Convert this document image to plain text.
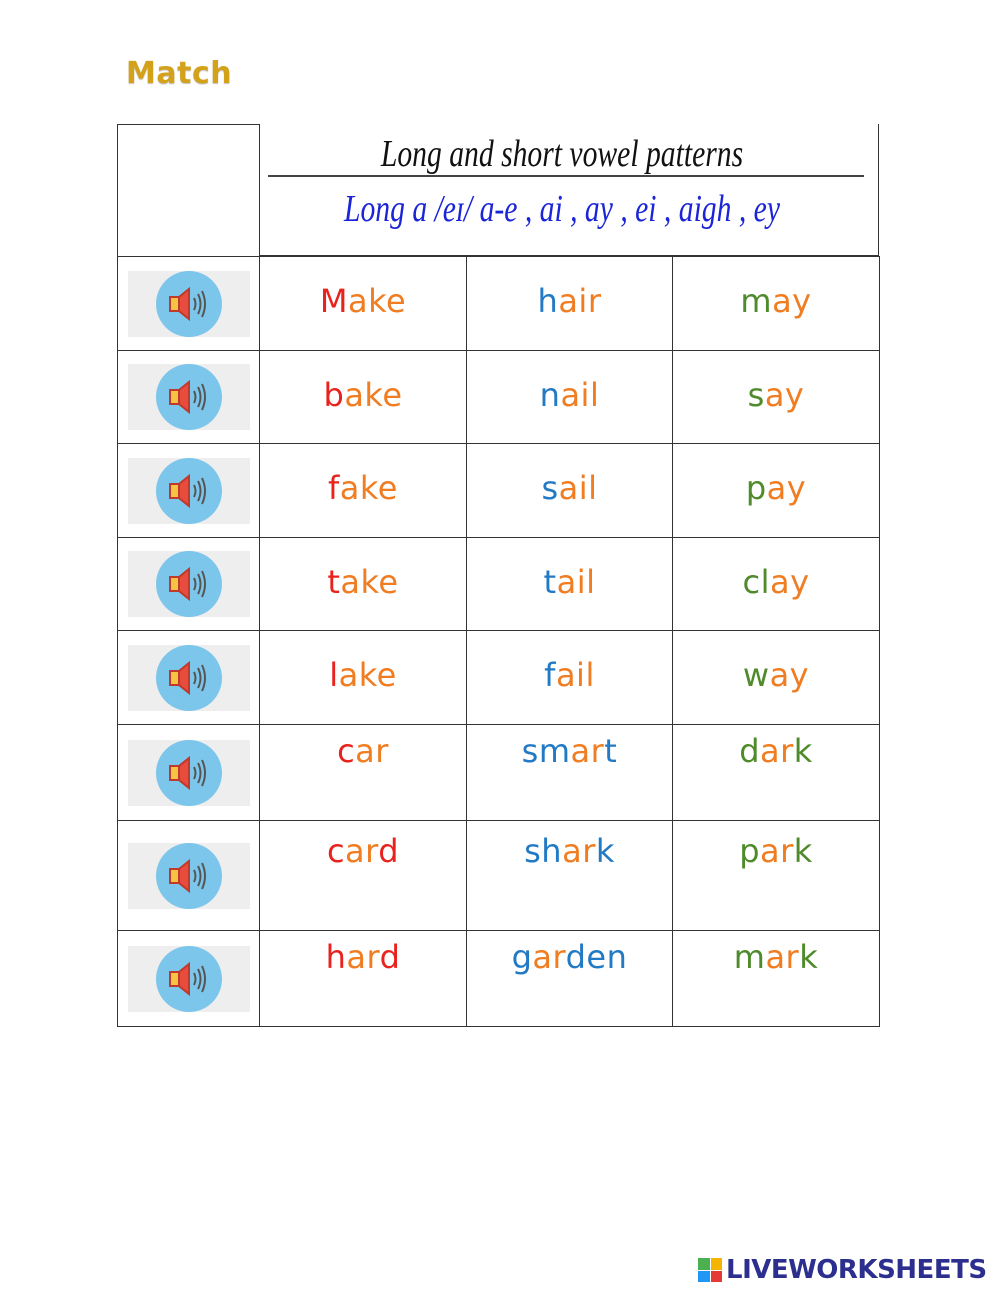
Match
Long and short vowel patterns
Long a /eɪ/ a-e , ai , ay , ei , aigh , ey
Make	hair	may
bake	nail	say
fake	sail	pay
take	tail	clay
lake	fail	way
car	smart	dark
card	shark	park
hard	garden	mark
LIVEWORKSHEETS
